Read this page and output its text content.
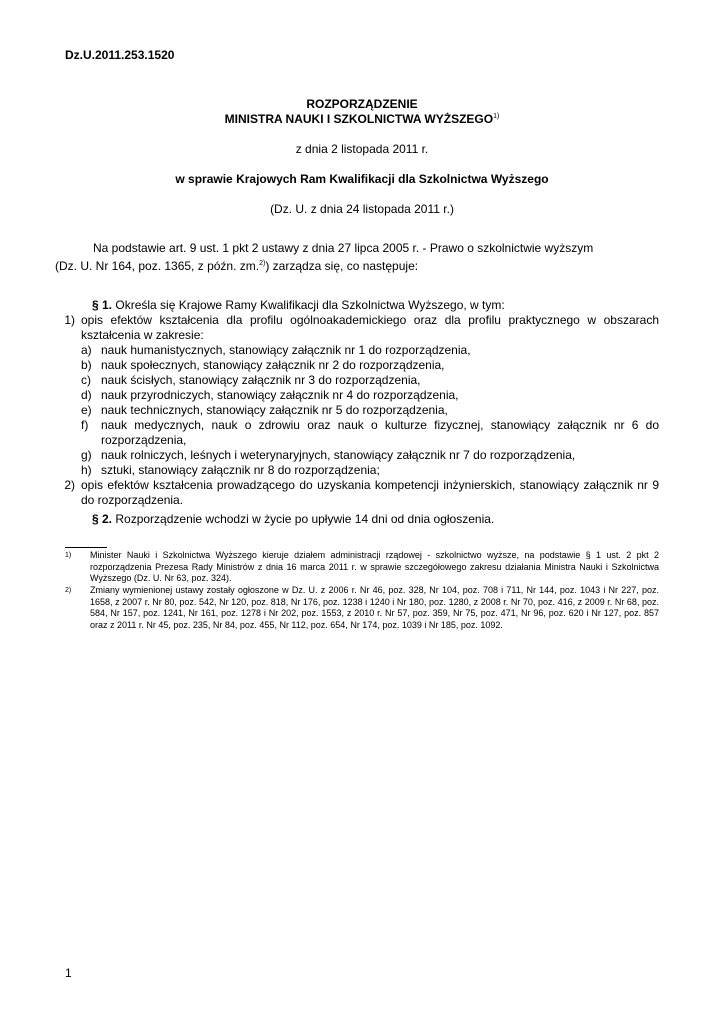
Dz.U.2011.253.1520
ROZPORZĄDZENIE
MINISTRA NAUKI I SZKOLNICTWA WYŻSZEGO$^{1)}$
z dnia 2 listopada 2011 r.
w sprawie Krajowych Ram Kwalifikacji dla Szkolnictwa Wyższego
(Dz. U. z dnia 24 listopada 2011 r.)
Na podstawie art. 9 ust. 1 pkt 2 ustawy z dnia 27 lipca 2005 r. - Prawo o szkolnictwie wyższym
(Dz. U. Nr 164, poz. 1365, z późn. zm.$^{2)}$) zarządza się, co następuje:
§ 1. Określa się Krajowe Ramy Kwalifikacji dla Szkolnictwa Wyższego, w tym:
1) opis efektów kształcenia dla profilu ogólnoakademickiego oraz dla profilu praktycznego w obszarach kształcenia w zakresie:
a) nauk humanistycznych, stanowiący załącznik nr 1 do rozporządzenia,
b) nauk społecznych, stanowiący załącznik nr 2 do rozporządzenia,
c) nauk ścisłych, stanowiący załącznik nr 3 do rozporządzenia,
d) nauk przyrodniczych, stanowiący załącznik nr 4 do rozporządzenia,
e) nauk technicznych, stanowiący załącznik nr 5 do rozporządzenia,
f)	nauk medycznych, nauk o zdrowiu oraz nauk o kulturze fizycznej, stanowiący załącznik nr 6 do rozporządzenia,
g) nauk rolniczych, leśnych i weterynaryjnych, stanowiący załącznik nr 7 do rozporządzenia,
h) sztuki, stanowiący załącznik nr 8 do rozporządzenia;
2) opis efektów kształcenia prowadzącego do uzyskania kompetencji inżynierskich, stanowiący załącznik nr 9 do rozporządzenia.
§ 2. Rozporządzenie wchodzi w życie po upływie 14 dni od dnia ogłoszenia.
1)	Minister Nauki i Szkolnictwa Wyższego kieruje działem administracji rządowej - szkolnictwo wyższe, na podstawie § 1 ust. 2 pkt 2 rozporządzenia Prezesa Rady Ministrów z dnia 16 marca 2011 r. w sprawie szczegółowego zakresu działania Ministra Nauki i Szkolnictwa Wyższego (Dz. U. Nr 63, poz. 324).
2)	Zmiany wymienionej ustawy zostały ogłoszone w Dz. U. z 2006 r. Nr 46, poz. 328, Nr 104, poz. 708 i 711, Nr 144, poz. 1043 i Nr 227, poz. 1658, z 2007 r. Nr 80, poz. 542, Nr 120, poz. 818, Nr 176, poz. 1238 i 1240 i Nr 180, poz. 1280, z 2008 r. Nr 70, poz. 416, z 2009 r. Nr 68, poz. 584, Nr 157, poz. 1241, Nr 161, poz. 1278 i Nr 202, poz. 1553, z 2010 r. Nr 57, poz. 359, Nr 75, poz. 471, Nr 96, poz. 620 i Nr 127, poz. 857 oraz z 2011 r. Nr 45, poz. 235, Nr 84, poz. 455, Nr 112, poz. 654, Nr 174, poz. 1039 i Nr 185, poz. 1092.
1
